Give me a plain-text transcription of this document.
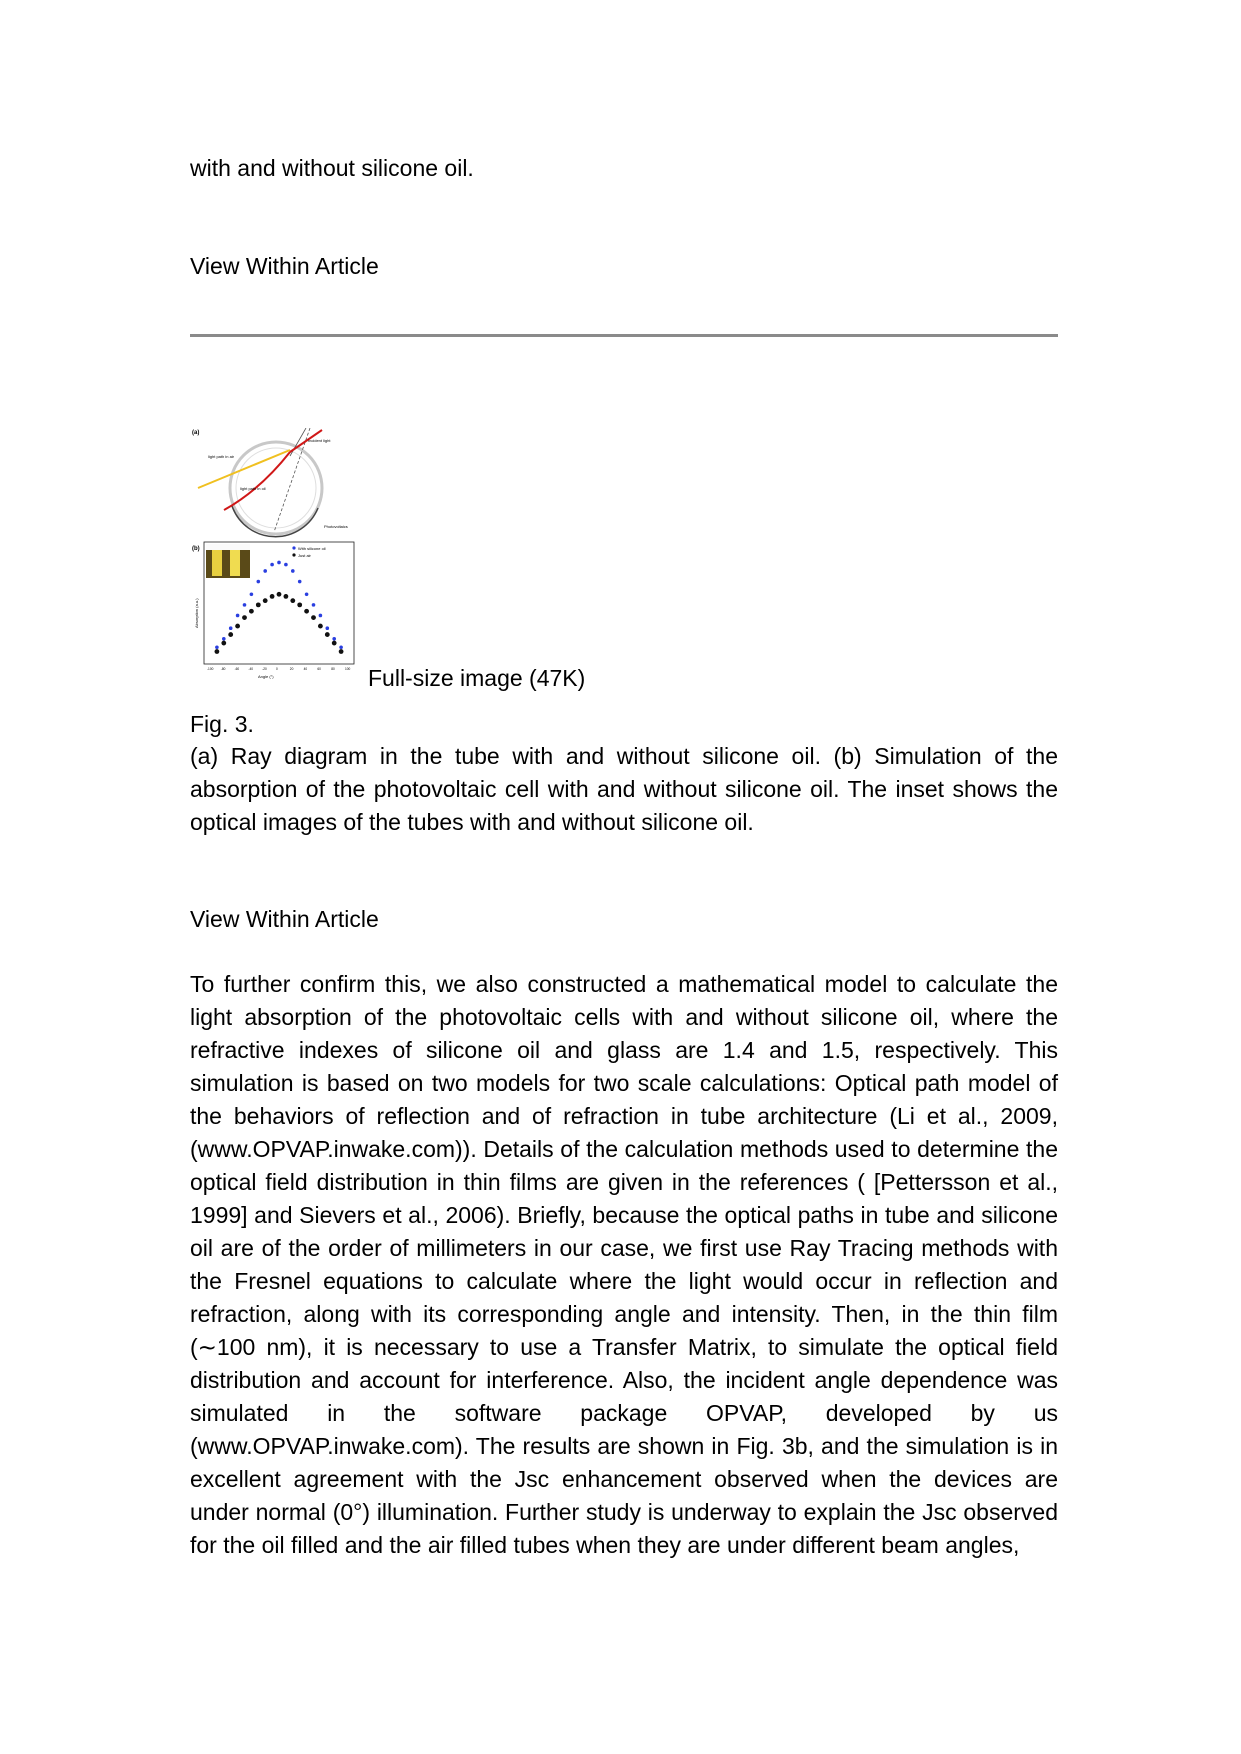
with and without silicone oil.
View Within Article
(a)
Incident light
light path in air
light path in oil
Photovoltaics
(b)	With silicone oil
Just air
Absorption (a.u.)
-100 -80	-60	-40	-20	0	20	40	60	80	100
Angle (°)	Full-size image (47K)
Fig. 3.

(a) Ray diagram in the tube with and without silicone oil. (b) Simulation of the absorption of the photovoltaic cell with and without silicone oil. The inset shows the optical images of the tubes with and without silicone oil.

View Within Article

To further confirm this, we also constructed a mathematical model to calculate the light absorption of the photovoltaic cells with and without silicone oil, where the refractive indexes of silicone oil and glass are 1.4 and 1.5, respectively. This simulation is based on two models for two scale calculations: Optical path model of the behaviors of reflection and of refraction in tube architecture (Li et al., 2009, (www.OPVAP.inwake.com)). Details of the calculation methods used to determine the optical field distribution in thin films are given in the references ( [Pettersson et al., 1999] and Sievers et al., 2006). Briefly, because the optical paths in tube and silicone oil are of the order of millimeters in our case, we first use Ray Tracing methods with the Fresnel equations to calculate where the light would occur in reflection and refraction, along with its corresponding angle and intensity. Then, in the thin film (∼100 nm), it is necessary to use a Transfer Matrix, to simulate the optical field distribution and account for interference. Also, the incident angle dependence was simulated in the software package OPVAP, developed by us (www.OPVAP.inwake.com). The results are shown in Fig. 3b, and the simulation is in excellent agreement with the Jsc enhancement observed when the devices are under normal (0°) illumination. Further study is underway to explain the Jsc observed for the oil filled and the air filled tubes when they are under different beam angles,
